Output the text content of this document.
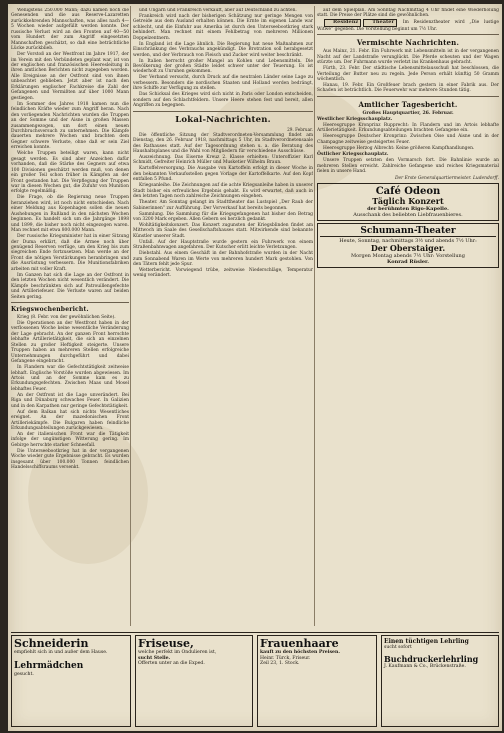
Wenigstens 250.000 Mann; dazu kamen noch die Genesenden und die aus Reserve-Lazaretten zurückkehrenden Mannschaften, was alles nach 4—5 Wochen wieder aufgefüllt werden konnte. Der russische Verlust wird an den Fronten auf 40—50 vom Hundert der zum Angriff eingesetzten Mannschaften geschätzt, so daß eine beträchtliche Lücke zurückblieb.

Der Vorstoß an der Westfront im Jahre 1917, der im Verein mit den Verbündeten geplant war, ist von der englischen und französischen Heeresleitung in ihren amtlichen Berichten nicht zugegeben worden. Alle Ereignisse an der Ostfront sind von ihnen unbeachtet geblieben. Jetzt aber ist nach den Erklärungen englischer Fachkreise die Zahl der Gefangenen und Vermißten auf über 1000 Mann gestiegen.

Im Sommer des Jahres 1918 kamen nun die feindlichen Kräfte wieder zum Angriff heran. Nach den vorliegenden Nachrichten wurden die Truppen an der Somme und der Aisne in großen Massen zusammengezogen, um dort einen neuen Durchbruchsversuch zu unternehmen. Die Kämpfe dauerten mehrere Wochen und brachten dem Gegner schwere Verluste, ohne daß er sein Ziel erreichen konnte.

Welche Truppen beteiligt waren, kann nicht gesagt werden. Es sind aber Anzeichen dafür vorhanden, daß die Stärke des Gegners auf etwa 100 Divisionen geschätzt werden muß, von denen ein großer Teil schon früher in Kämpfen an der Front gestanden hat. Die Verpflegung der Truppen war in diesen Wochen gut, die Zufuhr von Munition erfolgte regelmäßig.

Die Frage, ob die Regierung neue Truppen heranziehen wird, ist noch nicht entschieden. Nach einer Meldung aus Kopenhagen sollen die neuen Aushebungen in Rußland in den nächsten Wochen beginnen. Es handelt sich um die Jahrgänge 1898 und 1899, die bisher noch nicht eingezogen waren. Man rechnet mit etwa 800.000 Mann.

Der russische Kriegsminister hat in einer Sitzung der Duma erklärt, daß die Armee noch über genügend Reserven verfüge, um den Krieg bis zum siegreichen Ende fortzusetzen. Man werde an der Front die nötigen Verstärkungen heranbringen und die Ausrüstung verbessern. Die Munitionsfabriken arbeiten mit voller Kraft.

Im Ganzen hat sich die Lage an der Ostfront in den letzten Wochen nicht wesentlich verändert. Die Kämpfe beschränkten sich auf Patrouillengefechte und Artilleriefeuer. Die Verluste waren auf beiden Seiten gering.

Kriegswochenbericht.

Krieg (8. Febr. von der gewöhnlichen Seite).

Die Operationen an der Westfront haben in der verflossenen Woche keine wesentliche Veränderung der Lage gebracht. An der ganzen Front herrschte lebhafte Artillerietätigkeit, die sich an einzelnen Stellen zu großer Heftigkeit steigerte. Unsere Truppen haben an mehreren Stellen erfolgreiche Unternehmungen durchgeführt und dabei Gefangene eingebracht.

In Flandern war die Gefechtstätigkeit zeitweise lebhaft. Englische Vorstöße wurden abgewiesen. Im Artois und an der Somme kam es zu Erkundungsgefechten. Zwischen Maas und Mosel lebhaftes Feuer.

An der Ostfront ist die Lage unverändert. Bei Riga und Dünaburg schwaches Feuer. In Galizien und in den Karpathen nur geringe Gefechtstätigkeit.

Auf dem Balkan hat sich nichts Wesentliches ereignet. An der mazedonischen Front Artilleriekämpfe. Die Bulgaren haben feindliche Erkundungsabteilungen zurückgewiesen.

An der italienischen Front war die Tätigkeit infolge der ungünstigen Witterung gering. Im Gebirge herrschte starker Schneefall.

Die Unterseebootkrieg hat in der vergangenen Woche wieder gute Ergebnisse gebracht. Es wurden insgesamt über 100.000 Tonnen feindlichen Handelsschiffsraums versenkt.

und Ungarn und Frankreich verkauft, aber auf Deutschland zu achten.

Frankreich wird nach der bisherigen Schätzung nur geringe Mengen von Getreide aus dem Ausland erhalten können. Die Ernte im eigenen Lande war schlecht, und die Einfuhr aus Amerika ist durch den Unterseebootkrieg stark behindert. Man rechnet mit einem Fehlbetrag von mehreren Millionen Doppelzentnern.

In England ist die Lage ähnlich. Die Regierung hat neue Maßnahmen zur Einschränkung des Verbrauchs angekündigt. Die Brotration soll herabgesetzt werden, und der Verbrauch von Fleisch und Zucker wird weiter beschränkt.

In Italien herrscht großer Mangel an Kohlen und Lebensmitteln. Die Bevölkerung der großen Städte leidet schwer unter der Teuerung. Es ist wiederholt zu Unruhen gekommen.

Der Verband versucht, durch Druck auf die neutralen Länder seine Lage zu verbessern. Besonders die nordischen Staaten und Holland werden bedrängt, ihre Schiffe zur Verfügung zu stellen.

Das Schicksal des Krieges wird sich nicht in Paris oder London entscheiden, sondern auf den Schlachtfeldern. Unsere Heere stehen fest und bereit, allen Angriffen zu begegnen.

Lokal-Nachrichten.
29. Februar.

Die öffentliche Sitzung der Stadtverordneten-Versammlung findet am Dienstag, den 26. Februar 1918, nachmittags 5 Uhr, im Stadtverordnetensaale des Rathauses statt. Auf der Tagesordnung stehen u. a. die Beratung des Haushaltsplanes und die Wahl von Mitgliedern für verschiedene Ausschüsse.

Auszeichnung. Das Eiserne Kreuz 2. Klasse erhielten: Unteroffizier Karl Schmidt, Gefreiter Heinrich Müller und Musketier Wilhelm Braun.

Kartoffelversorgung. Die Ausgabe von Kartoffeln erfolgt in dieser Woche in den bekannten Verkaufsstellen gegen Vorlage der Kartoffelkarte. Auf den Kopf entfallen 5 Pfund.

Kriegsanleihe. Die Zeichnungen auf die achte Kriegsanleihe haben in unserer Stadt bisher ein erfreuliches Ergebnis gehabt. Es wird erwartet, daß auch in den letzten Tagen noch zahlreiche Zeichnungen eingehen.

Theater. Am Sonntag gelangt im Stadttheater das Lustspiel „Der Raub der Sabinerinnen“ zur Aufführung. Der Vorverkauf hat bereits begonnen.

Sammlung. Die Sammlung für die Kriegsgefangenen hat bisher den Betrag von 3200 Mark ergeben. Allen Gebern sei herzlich gedankt.

Wohltätigkeitskonzert. Das Konzert zugunsten der Kriegsblinden findet am Mittwoch im Saale des Gesellschaftshauses statt. Mitwirkende sind bekannte Künstler unserer Stadt.

Unfall. Auf der Hauptstraße wurde gestern ein Fuhrwerk von einem Straßenbahnwagen angefahren. Der Kutscher erlitt leichte Verletzungen.

Diebstahl. Aus einem Geschäft in der Bahnhofstraße wurden in der Nacht zum Sonnabend Waren im Werte von mehreren hundert Mark gestohlen. Von den Tätern fehlt jede Spur.

Wetterbericht. Vorwiegend trübe, zeitweise Niederschläge, Temperatur wenig verändert.

auf dem Spielplan. Am Sonntag Nachmittag 4 Uhr findet eine Wiederholung statt. Die Preise der Plätze sind die gewöhnlichen.

Residenz	Theater Im Residenztheater wird „Die lustige Witwe“ gegeben. Die Vorstellung beginnt um 7½ Uhr.

Vermischte Nachrichten.

Aus Mainz, 21. Febr. Ein Fuhrwerk mit Lebensmitteln ist in der vergangenen Nacht auf der Landstraße verunglückt. Die Pferde scheuten und der Wagen stürzte um. Der Fuhrmann wurde verletzt ins Krankenhaus gebracht.

Fürth, 23. Febr. Der städtische Lebensmittelausschuß hat beschlossen, die Verteilung der Butter neu zu regeln. Jede Person erhält künftig 50 Gramm wöchentlich.

Hanau, 19. Febr. Ein Großfeuer brach gestern in einer Fabrik aus. Der Schaden ist beträchtlich. Die Feuerwehr war mehrere Stunden tätig.

Amtlicher Tagesbericht.
Großes Hauptquartier, 26. Februar.
Westlicher Kriegsschauplatz.

Heeresgruppe Kronprinz Rupprecht: In Flandern und im Artois lebhafte Artillerietätigkeit. Erkundungsabteilungen brachten Gefangene ein.

Heeresgruppe Deutscher Kronprinz: Zwischen Oise und Aisne und in der Champagne zeitweise gesteigertes Feuer.

Heeresgruppe Herzog Albrecht: Keine größeren Kampfhandlungen.

Östlicher Kriegsschauplatz.

Unsere Truppen setzten den Vormarsch fort. Die Bahnlinie wurde an mehreren Stellen erreicht. Zahlreiche Gefangene und reiches Kriegsmaterial fielen in unsere Hand.

Der Erste Generalquartiermeister. Ludendorff.
Café Odeon
Täglich Konzert
der berühmten Rigo-Kapelle.
Ausschank des beliebten Liebfrauenbieres.
Schumann-Theater
Heute, Sonntag, nachmittags 3½ und abends 7½ Uhr:
Der Oberstaiger.
Morgen Montag abends 7½ Uhr: Vorstellung
Konrad Rüsler.
Schneiderin
empfiehlt sich in und außer dem Hause.
Lehrmädchen
gesucht.
Friseuse,
welche perfekt im Ondulieren ist,
sucht Stelle.
Offerten unter an die Exped.
Frauenhaare
kauft zu den höchsten Preisen.
Heinr. Türck, Friseur.
Zeil 23, 1. Stock.
Einen tüchtigen Lehrling
sucht sofort
Buchdruckerlehrling
J. Kaufmann & Co., Brückenstraße.
